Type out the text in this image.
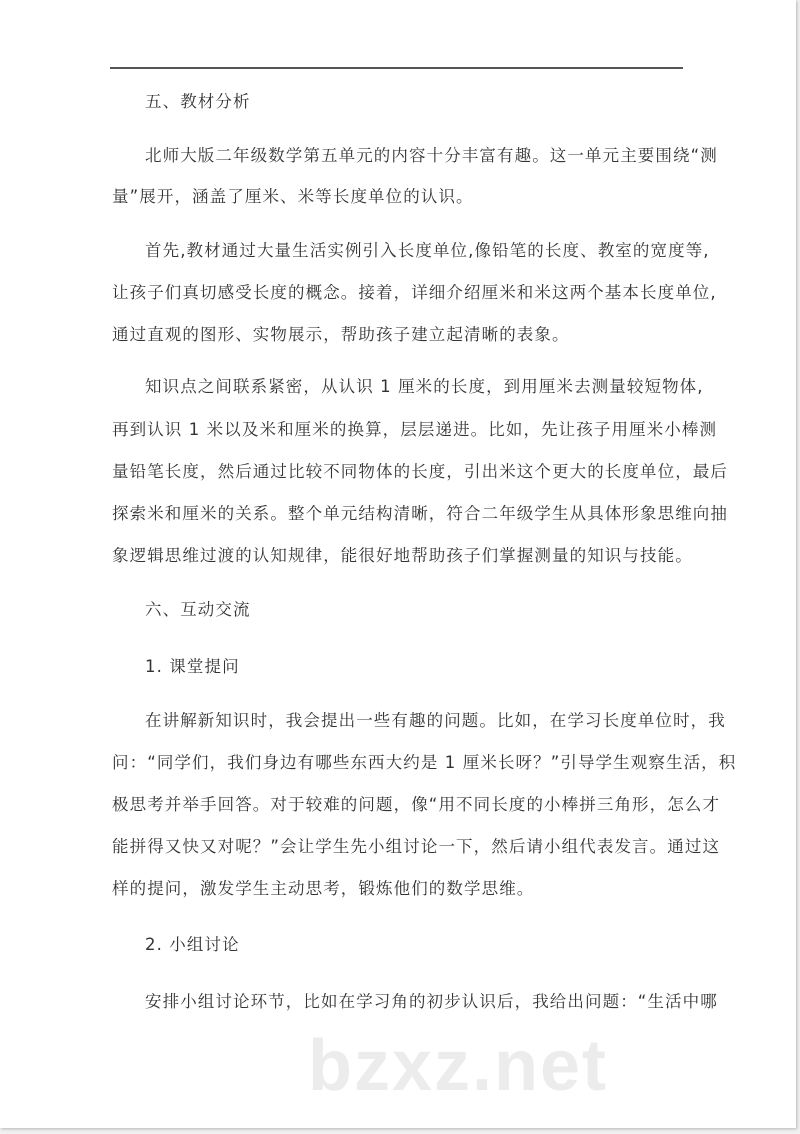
五、教材分析
北师大版二年级数学第五单元的内容十分丰富有趣。这一单元主要围绕“测
量”展开，涵盖了厘米、米等长度单位的认识。
首先,教材通过大量生活实例引入长度单位,像铅笔的长度、教室的宽度等,
让孩子们真切感受长度的概念。接着，详细介绍厘米和米这两个基本长度单位,
通过直观的图形、实物展示，帮助孩子建立起清晰的表象。
知识点之间联系紧密，从认识 1 厘米的长度，到用厘米去测量较短物体,
再到认识 1 米以及米和厘米的换算，层层递进。比如，先让孩子用厘米小棒测
量铅笔长度，然后通过比较不同物体的长度，引出米这个更大的长度单位，最后
探索米和厘米的关系。整个单元结构清晰，符合二年级学生从具体形象思维向抽
象逻辑思维过渡的认知规律，能很好地帮助孩子们掌握测量的知识与技能。
六、互动交流
1. 课堂提问
在讲解新知识时，我会提出一些有趣的问题。比如，在学习长度单位时，我
问：“同学们，我们身边有哪些东西大约是 1 厘米长呀？”引导学生观察生活，积
极思考并举手回答。对于较难的问题，像“用不同长度的小棒拼三角形，怎么才
能拼得又快又对呢？”会让学生先小组讨论一下，然后请小组代表发言。通过这
样的提问，激发学生主动思考，锻炼他们的数学思维。
2. 小组讨论
安排小组讨论环节，比如在学习角的初步认识后，我给出问题：“生活中哪
bzxz.net
